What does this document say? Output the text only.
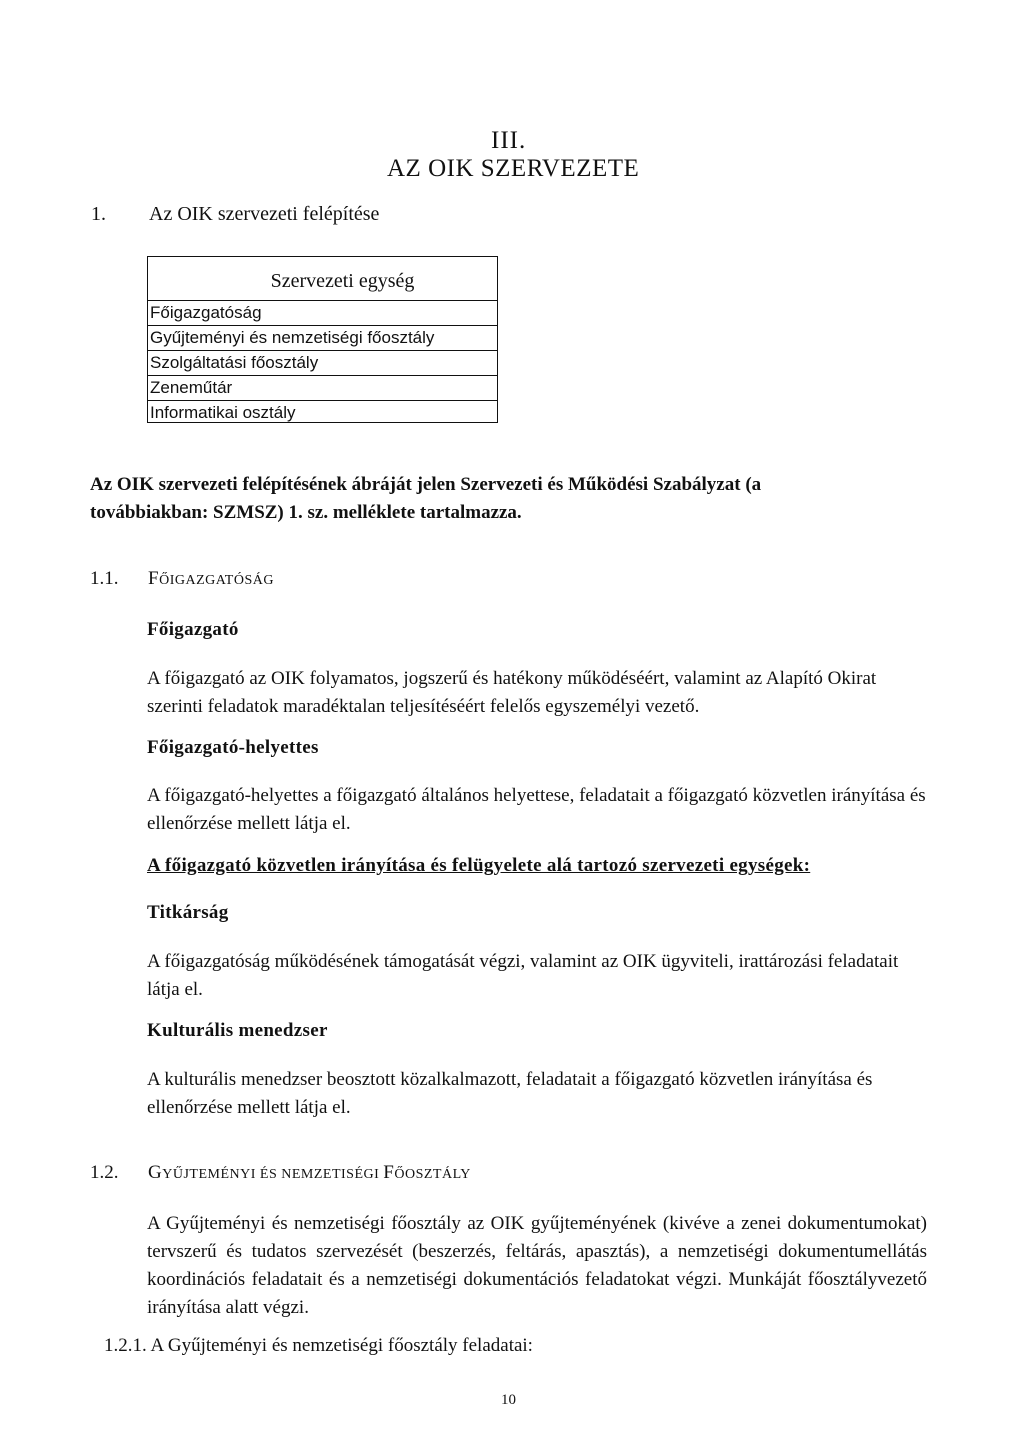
III.
AZ OIK SZERVEZETE
1. Az OIK szervezeti felépítése
Szervezeti egység
Főigazgatóság
Gyűjteményi és nemzetiségi főosztály
Szolgáltatási főosztály
Zeneműtár
Informatikai osztály
Az OIK szervezeti felépítésének ábráját jelen Szervezeti és Működési Szabályzat (a továbbiakban: SZMSZ) 1. sz. melléklete tartalmazza.
1.1. FŐIGAZGATÓSÁG
Főigazgató
A főigazgató az OIK folyamatos, jogszerű és hatékony működéséért, valamint az Alapító Okirat szerinti feladatok maradéktalan teljesítéséért felelős egyszemélyi vezető.
Főigazgató-helyettes
A főigazgató-helyettes a főigazgató általános helyettese, feladatait a főigazgató közvetlen irányítása és ellenőrzése mellett látja el.
A főigazgató közvetlen irányítása és felügyelete alá tartozó szervezeti egységek:
Titkárság
A főigazgatóság működésének támogatását végzi, valamint az OIK ügyviteli, irattározási feladatait látja el.
Kulturális menedzser
A kulturális menedzser beosztott közalkalmazott, feladatait a főigazgató közvetlen irányítása és ellenőrzése mellett látja el.
1.2. GYŰJTEMÉNYI ÉS NEMZETISÉGI FŐOSZTÁLY
A Gyűjteményi és nemzetiségi főosztály az OIK gyűjteményének (kivéve a zenei dokumentumokat) tervszerű és tudatos szervezését (beszerzés, feltárás, apasztás), a nemzetiségi dokumentumellátás koordinációs feladatait és a nemzetiségi dokumentációs feladatokat végzi. Munkáját főosztályvezető irányítása alatt végzi.
1.2.1. A Gyűjteményi és nemzetiségi főosztály feladatai:
10
